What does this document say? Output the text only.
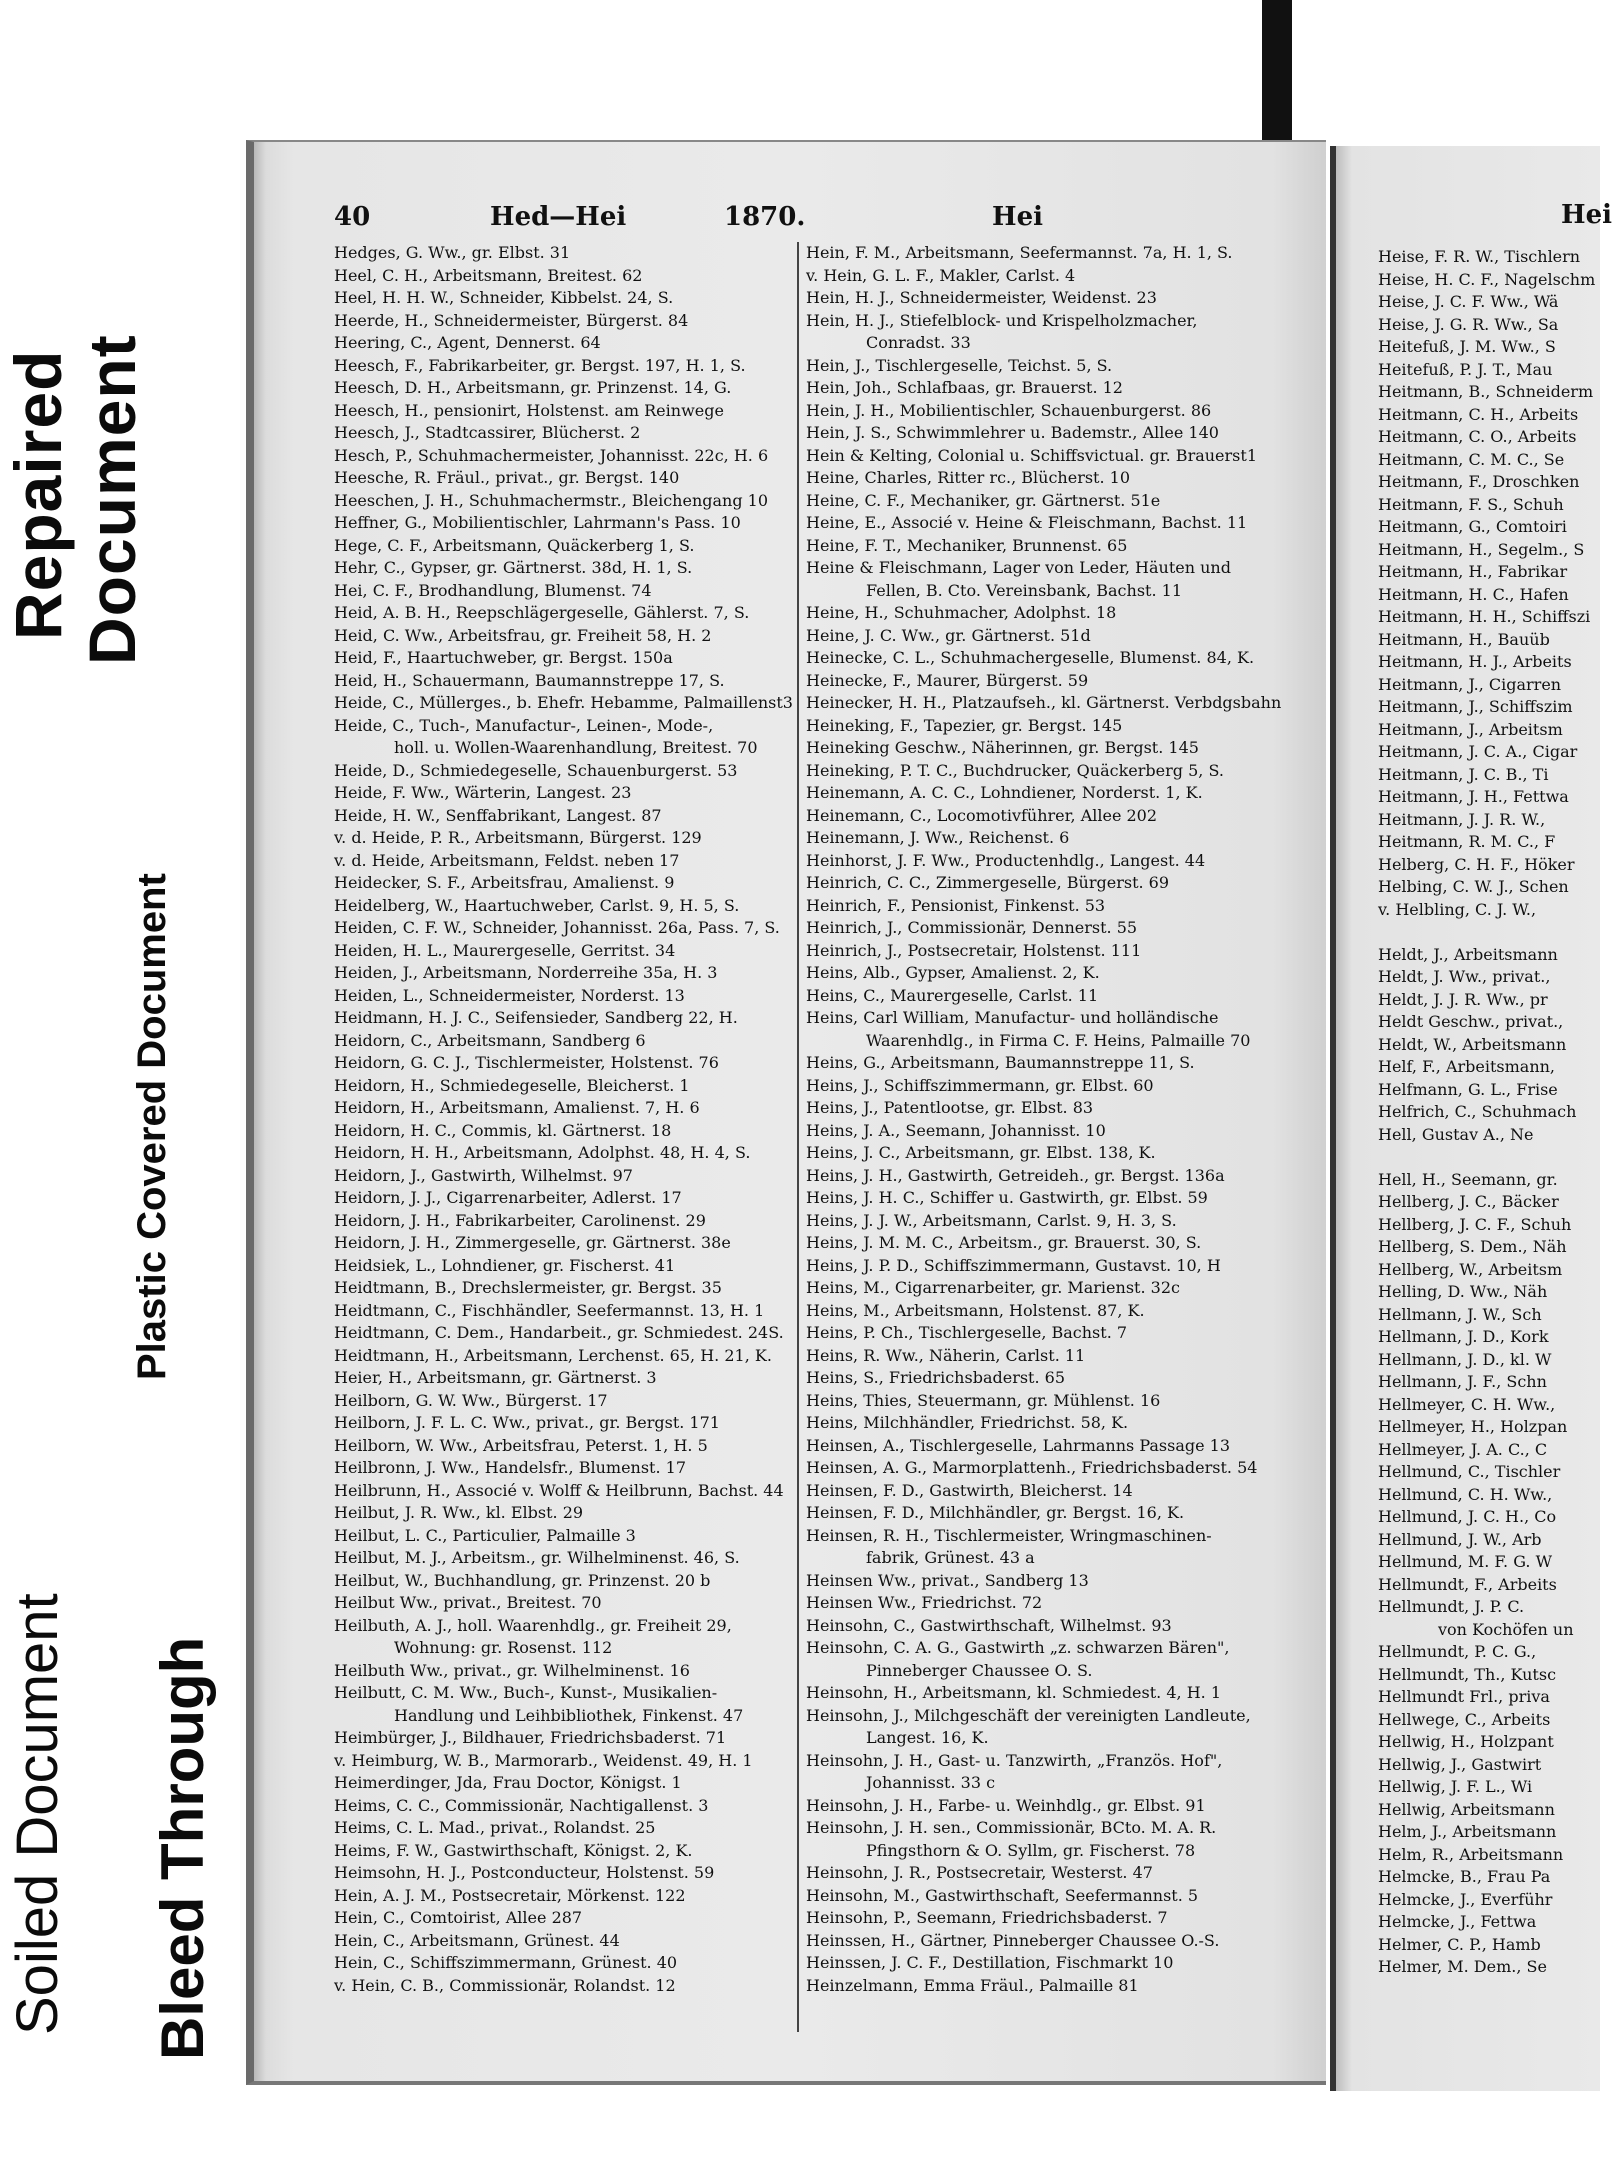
Repaired Document
Plastic Covered Document
Soiled Document Bleed Through
40	Hed—Hei	1870.	Hei
Hedges, G. Ww., gr. Elbst. 31
Heel, C. H., Arbeitsmann, Breitest. 62
Heel, H. H. W., Schneider, Kibbelst. 24, S.
Heerde, H., Schneidermeister, Bürgerst. 84
Heering, C., Agent, Dennerst. 64
Heesch, F., Fabrikarbeiter, gr. Bergst. 197, H. 1, S.
Heesch, D. H., Arbeitsmann, gr. Prinzenst. 14, G.
Heesch, H., pensionirt, Holstenst. am Reinwege
Heesch, J., Stadtcassirer, Blücherst. 2
Hesch, P., Schuhmachermeister, Johannisst. 22c, H. 6
Heesche, R. Fräul., privat., gr. Bergst. 140
Heeschen, J. H., Schuhmachermstr., Bleichengang 10
Heffner, G., Mobilientischler, Lahrmann's Pass. 10
Hege, C. F., Arbeitsmann, Quäckerberg 1, S.
Hehr, C., Gypser, gr. Gärtnerst. 38d, H. 1, S.
Hei, C. F., Brodhandlung, Blumenst. 74
Heid, A. B. H., Reepschlägergeselle, Gählerst. 7, S.
Heid, C. Ww., Arbeitsfrau, gr. Freiheit 58, H. 2
Heid, F., Haartuchweber, gr. Bergst. 150a
Heid, H., Schauermann, Baumannstreppe 17, S.
Heide, C., Müllerges., b. Ehefr. Hebamme, Palmaillenst3
Heide, C., Tuch-, Manufactur-, Leinen-, Mode-,
holl. u. Wollen-Waarenhandlung, Breitest. 70
Heide, D., Schmiedegeselle, Schauenburgerst. 53
Heide, F. Ww., Wärterin, Langest. 23
Heide, H. W., Senffabrikant, Langest. 87
v. d. Heide, P. R., Arbeitsmann, Bürgerst. 129
v. d. Heide, Arbeitsmann, Feldst. neben 17
Heidecker, S. F., Arbeitsfrau, Amalienst. 9
Heidelberg, W., Haartuchweber, Carlst. 9, H. 5, S.
Heiden, C. F. W., Schneider, Johannisst. 26a, Pass. 7, S.
Heiden, H. L., Maurergeselle, Gerritst. 34
Heiden, J., Arbeitsmann, Norderreihe 35a, H. 3
Heiden, L., Schneidermeister, Norderst. 13
Heidmann, H. J. C., Seifensieder, Sandberg 22, H.
Heidorn, C., Arbeitsmann, Sandberg 6
Heidorn, G. C. J., Tischlermeister, Holstenst. 76
Heidorn, H., Schmiedegeselle, Bleicherst. 1
Heidorn, H., Arbeitsmann, Amalienst. 7, H. 6
Heidorn, H. C., Commis, kl. Gärtnerst. 18
Heidorn, H. H., Arbeitsmann, Adolphst. 48, H. 4, S.
Heidorn, J., Gastwirth, Wilhelmst. 97
Heidorn, J. J., Cigarrenarbeiter, Adlerst. 17
Heidorn, J. H., Fabrikarbeiter, Carolinenst. 29
Heidorn, J. H., Zimmergeselle, gr. Gärtnerst. 38e
Heidsiek, L., Lohndiener, gr. Fischerst. 41
Heidtmann, B., Drechslermeister, gr. Bergst. 35
Heidtmann, C., Fischhändler, Seefermannst. 13, H. 1
Heidtmann, C. Dem., Handarbeit., gr. Schmiedest. 24S.
Heidtmann, H., Arbeitsmann, Lerchenst. 65, H. 21, K.
Heier, H., Arbeitsmann, gr. Gärtnerst. 3
Heilborn, G. W. Ww., Bürgerst. 17
Heilborn, J. F. L. C. Ww., privat., gr. Bergst. 171
Heilborn, W. Ww., Arbeitsfrau, Peterst. 1, H. 5
Heilbronn, J. Ww., Handelsfr., Blumenst. 17
Heilbrunn, H., Associé v. Wolff & Heilbrunn, Bachst. 44
Heilbut, J. R. Ww., kl. Elbst. 29
Heilbut, L. C., Particulier, Palmaille 3
Heilbut, M. J., Arbeitsm., gr. Wilhelminenst. 46, S.
Heilbut, W., Buchhandlung, gr. Prinzenst. 20 b
Heilbut Ww., privat., Breitest. 70
Heilbuth, A. J., holl. Waarenhdlg., gr. Freiheit 29,
Wohnung: gr. Rosenst. 112
Heilbuth Ww., privat., gr. Wilhelminenst. 16
Heilbutt, C. M. Ww., Buch-, Kunst-, Musikalien-
Handlung und Leihbibliothek, Finkenst. 47
Heimbürger, J., Bildhauer, Friedrichsbaderst. 71
v. Heimburg, W. B., Marmorarb., Weidenst. 49, H. 1
Heimerdinger, Jda, Frau Doctor, Königst. 1
Heims, C. C., Commissionär, Nachtigallenst. 3
Heims, C. L. Mad., privat., Rolandst. 25
Heims, F. W., Gastwirthschaft, Königst. 2, K.
Heimsohn, H. J., Postconducteur, Holstenst. 59
Hein, A. J. M., Postsecretair, Mörkenst. 122
Hein, C., Comtoirist, Allee 287
Hein, C., Arbeitsmann, Grünest. 44
Hein, C., Schiffszimmermann, Grünest. 40
v. Hein, C. B., Commissionär, Rolandst. 12
Hein, F. M., Arbeitsmann, Seefermannst. 7a, H. 1, S.
v. Hein, G. L. F., Makler, Carlst. 4
Hein, H. J., Schneidermeister, Weidenst. 23
Hein, H. J., Stiefelblock- und Krispelholzmacher,
Conradst. 33
Hein, J., Tischlergeselle, Teichst. 5, S.
Hein, Joh., Schlafbaas, gr. Brauerst. 12
Hein, J. H., Mobilientischler, Schauenburgerst. 86
Hein, J. S., Schwimmlehrer u. Bademstr., Allee 140
Hein & Kelting, Colonial u. Schiffsvictual. gr. Brauerst1
Heine, Charles, Ritter rc., Blücherst. 10
Heine, C. F., Mechaniker, gr. Gärtnerst. 51e
Heine, E., Associé v. Heine & Fleischmann, Bachst. 11
Heine, F. T., Mechaniker, Brunnenst. 65
Heine & Fleischmann, Lager von Leder, Häuten und
Fellen, B. Cto. Vereinsbank, Bachst. 11
Heine, H., Schuhmacher, Adolphst. 18
Heine, J. C. Ww., gr. Gärtnerst. 51d
Heinecke, C. L., Schuhmachergeselle, Blumenst. 84, K.
Heinecke, F., Maurer, Bürgerst. 59
Heinecker, H. H., Platzaufseh., kl. Gärtnerst. Verbdgsbahn
Heineking, F., Tapezier, gr. Bergst. 145
Heineking Geschw., Näherinnen, gr. Bergst. 145
Heineking, P. T. C., Buchdrucker, Quäckerberg 5, S.
Heinemann, A. C. C., Lohndiener, Norderst. 1, K.
Heinemann, C., Locomotivführer, Allee 202
Heinemann, J. Ww., Reichenst. 6
Heinhorst, J. F. Ww., Productenhdlg., Langest. 44
Heinrich, C. C., Zimmergeselle, Bürgerst. 69
Heinrich, F., Pensionist, Finkenst. 53
Heinrich, J., Commissionär, Dennerst. 55
Heinrich, J., Postsecretair, Holstenst. 111
Heins, Alb., Gypser, Amalienst. 2, K.
Heins, C., Maurergeselle, Carlst. 11
Heins, Carl William, Manufactur- und holländische
Waarenhdlg., in Firma C. F. Heins, Palmaille 70
Heins, G., Arbeitsmann, Baumannstreppe 11, S.
Heins, J., Schiffszimmermann, gr. Elbst. 60
Heins, J., Patentlootse, gr. Elbst. 83
Heins, J. A., Seemann, Johannisst. 10
Heins, J. C., Arbeitsmann, gr. Elbst. 138, K.
Heins, J. H., Gastwirth, Getreideh., gr. Bergst. 136a
Heins, J. H. C., Schiffer u. Gastwirth, gr. Elbst. 59
Heins, J. J. W., Arbeitsmann, Carlst. 9, H. 3, S.
Heins, J. M. M. C., Arbeitsm., gr. Brauerst. 30, S.
Heins, J. P. D., Schiffszimmermann, Gustavst. 10, H
Heins, M., Cigarrenarbeiter, gr. Marienst. 32c
Heins, M., Arbeitsmann, Holstenst. 87, K.
Heins, P. Ch., Tischlergeselle, Bachst. 7
Heins, R. Ww., Näherin, Carlst. 11
Heins, S., Friedrichsbaderst. 65
Heins, Thies, Steuermann, gr. Mühlenst. 16
Heins, Milchhändler, Friedrichst. 58, K.
Heinsen, A., Tischlergeselle, Lahrmanns Passage 13
Heinsen, A. G., Marmorplattenh., Friedrichsbaderst. 54
Heinsen, F. D., Gastwirth, Bleicherst. 14
Heinsen, F. D., Milchhändler, gr. Bergst. 16, K.
Heinsen, R. H., Tischlermeister, Wringmaschinen-
fabrik, Grünest. 43 a
Heinsen Ww., privat., Sandberg 13
Heinsen Ww., Friedrichst. 72
Heinsohn, C., Gastwirthschaft, Wilhelmst. 93
Heinsohn, C. A. G., Gastwirth „z. schwarzen Bären",
Pinneberger Chaussee O. S.
Heinsohn, H., Arbeitsmann, kl. Schmiedest. 4, H. 1
Heinsohn, J., Milchgeschäft der vereinigten Landleute,
Langest. 16, K.
Heinsohn, J. H., Gast- u. Tanzwirth, „Französ. Hof",
Johannisst. 33 c
Heinsohn, J. H., Farbe- u. Weinhdlg., gr. Elbst. 91
Heinsohn, J. H. sen., Commissionär, BCto. M. A. R.
Pfingsthorn & O. Syllm, gr. Fischerst. 78
Heinsohn, J. R., Postsecretair, Westerst. 47
Heinsohn, M., Gastwirthschaft, Seefermannst. 5
Heinsohn, P., Seemann, Friedrichsbaderst. 7
Heinssen, H., Gärtner, Pinneberger Chaussee O.-S.
Heinssen, J. C. F., Destillation, Fischmarkt 10
Heinzelmann, Emma Fräul., Palmaille 81
Hei
Heise, F. R. W., Tischlern
Heise, H. C. F., Nagelschm
Heise, J. C. F. Ww., Wä
Heise, J. G. R. Ww., Sa
Heitefuß, J. M. Ww., S
Heitefuß, P. J. T., Mau
Heitmann, B., Schneiderm
Heitmann, C. H., Arbeits
Heitmann, C. O., Arbeits
Heitmann, C. M. C., Se
Heitmann, F., Droschken
Heitmann, F. S., Schuh
Heitmann, G., Comtoiri
Heitmann, H., Segelm., S
Heitmann, H., Fabrikar
Heitmann, H. C., Hafen
Heitmann, H. H., Schiffszi
Heitmann, H., Bauüb
Heitmann, H. J., Arbeits
Heitmann, J., Cigarren
Heitmann, J., Schiffszim
Heitmann, J., Arbeitsm
Heitmann, J. C. A., Cigar
Heitmann, J. C. B., Ti
Heitmann, J. H., Fettwa
Heitmann, J. J. R. W.,
Heitmann, R. M. C., F
Helberg, C. H. F., Höker
Helbing, C. W. J., Schen
v. Helbling, C. J. W.,
Heldt, J., Arbeitsmann
Heldt, J. Ww., privat.,
Heldt, J. J. R. Ww., pr
Heldt Geschw., privat.,
Heldt, W., Arbeitsmann
Helf, F., Arbeitsmann,
Helfmann, G. L., Frise
Helfrich, C., Schuhmach
Hell, Gustav A., Ne
Hell, H., Seemann, gr.
Hellberg, J. C., Bäcker
Hellberg, J. C. F., Schuh
Hellberg, S. Dem., Näh
Hellberg, W., Arbeitsm
Helling, D. Ww., Näh
Hellmann, J. W., Sch
Hellmann, J. D., Kork
Hellmann, J. D., kl. W
Hellmann, J. F., Schn
Hellmeyer, C. H. Ww.,
Hellmeyer, H., Holzpan
Hellmeyer, J. A. C., C
Hellmund, C., Tischler
Hellmund, C. H. Ww.,
Hellmund, J. C. H., Co
Hellmund, J. W., Arb
Hellmund, M. F. G. W
Hellmundt, F., Arbeits
Hellmundt, J. P. C.
von Kochöfen un
Hellmundt, P. C. G.,
Hellmundt, Th., Kutsc
Hellmundt Frl., priva
Hellwege, C., Arbeits
Hellwig, H., Holzpant
Hellwig, J., Gastwirt
Hellwig, J. F. L., Wi
Hellwig, Arbeitsmann
Helm, J., Arbeitsmann
Helm, R., Arbeitsmann
Helmcke, B., Frau Pa
Helmcke, J., Everführ
Helmcke, J., Fettwa
Helmer, C. P., Hamb
Helmer, M. Dem., Se
